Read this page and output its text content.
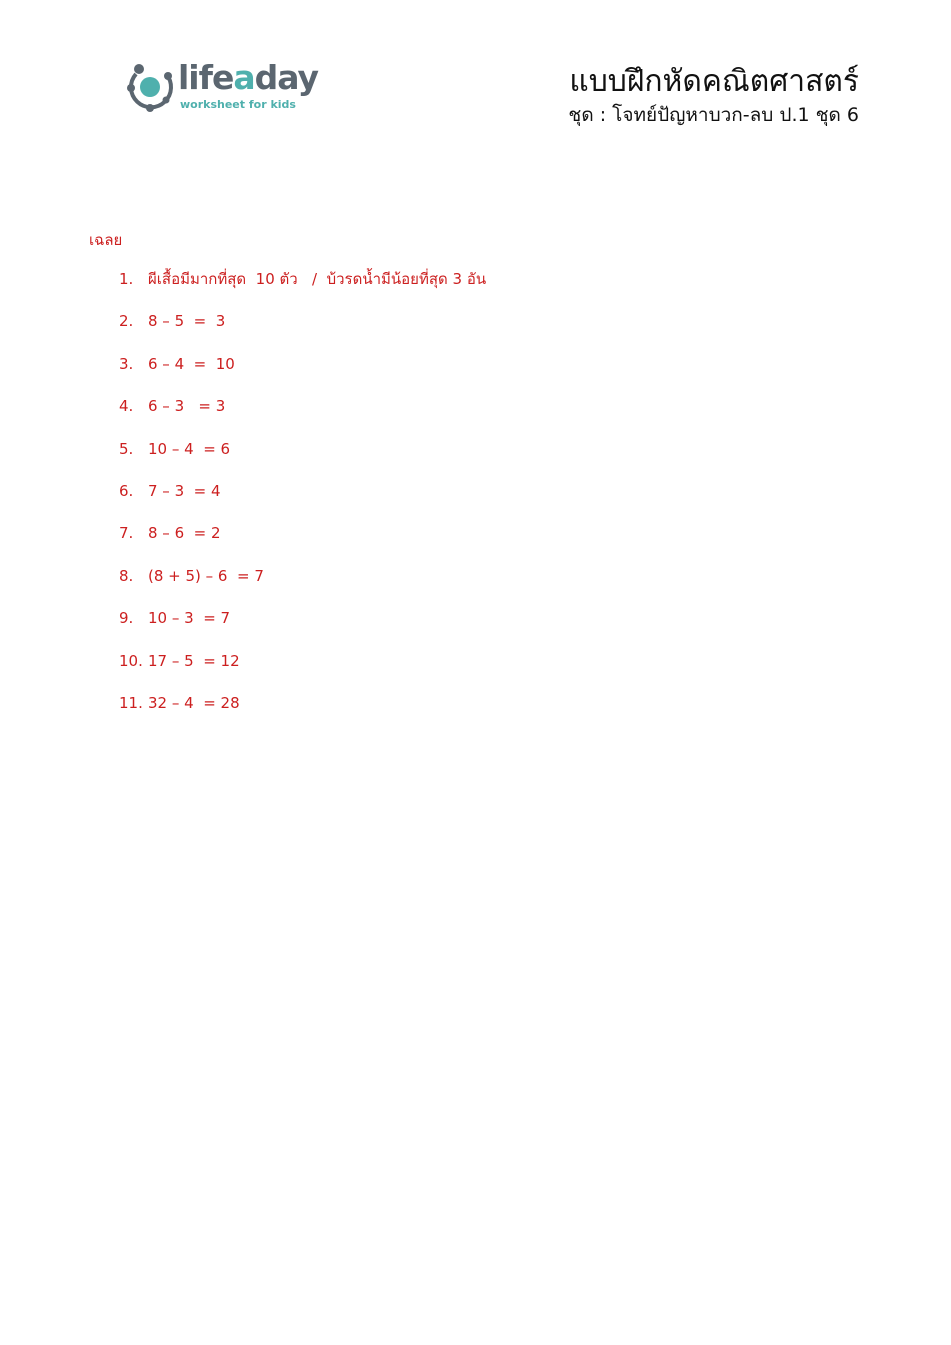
lifeaday
worksheet for kids
แบบฝึกหัดคณิตศาสตร์
ชุด : โจทย์ปัญหาบวก-ลบ ป.1 ชุด 6
เฉลย
1. ผีเสื้อมีมากที่สุด  10 ตัว   /  บ้วรดน้ำมีน้อยที่สุด 3 อัน
2. 8 – 5  =  3
3. 6 – 4  =  10
4. 6 – 3   = 3
5. 10 – 4  = 6
6. 7 – 3  = 4
7. 8 – 6  = 2
8. (8 + 5) – 6  = 7
9. 10 – 3  = 7
10. 17 – 5  = 12
11. 32 – 4  = 28
